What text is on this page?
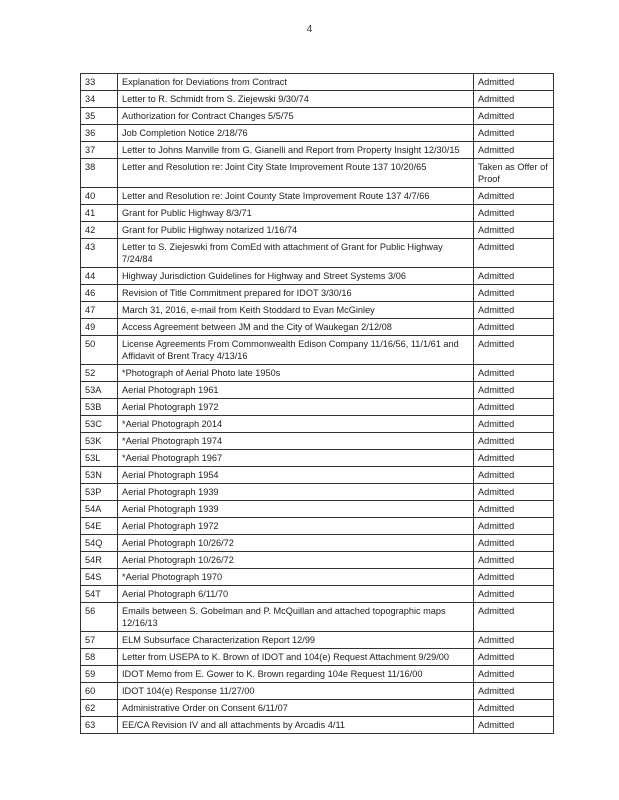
4
33	Explanation for Deviations from Contract	Admitted
34	Letter to R. Schmidt from S. Ziejewski 9/30/74	Admitted
35	Authorization for Contract Changes 5/5/75	Admitted
36	Job Completion Notice 2/18/76	Admitted
37	Letter to Johns Manville from G. Gianelli and Report from Property Insight 12/30/15	Admitted
38	Letter and Resolution re: Joint City State Improvement Route 137 10/20/65	Taken as Offer of Proof
40	Letter and Resolution re: Joint County State Improvement Route 137 4/7/66	Admitted
41	Grant for Public Highway 8/3/71	Admitted
42	Grant for Public Highway notarized 1/16/74	Admitted
43	Letter to S. Ziejeswki from ComEd with attachment of Grant for Public Highway 7/24/84	Admitted
44	Highway Jurisdiction Guidelines for Highway and Street Systems 3/06	Admitted
46	Revision of Title Commitment prepared for IDOT 3/30/16	Admitted
47	March 31, 2016, e-mail from Keith Stoddard to Evan McGinley	Admitted
49	Access Agreement between JM and the City of Waukegan 2/12/08	Admitted
50	License Agreements From Commonwealth Edison Company 11/16/56, 11/1/61 and Affidavit of Brent Tracy 4/13/16	Admitted
52	*Photograph of Aerial Photo late 1950s	Admitted
53A	Aerial Photograph 1961	Admitted
53B	Aerial Photograph 1972	Admitted
53C	*Aerial Photograph 2014	Admitted
53K	*Aerial Photograph 1974	Admitted
53L	*Aerial Photograph 1967	Admitted
53N	Aerial Photograph 1954	Admitted
53P	Aerial Photograph 1939	Admitted
54A	Aerial Photograph 1939	Admitted
54E	Aerial Photograph 1972	Admitted
54Q	Aerial Photograph 10/26/72	Admitted
54R	Aerial Photograph 10/26/72	Admitted
54S	*Aerial Photograph 1970	Admitted
54T	Aerial Photograph 6/11/70	Admitted
56	Emails between S. Gobelman and P. McQuillan and attached topographic maps 12/16/13	Admitted
57	ELM Subsurface Characterization Report 12/99	Admitted
58	Letter from USEPA to K. Brown of IDOT and 104(e) Request Attachment 9/29/00	Admitted
59	IDOT Memo from E. Gower to K. Brown regarding 104e Request 11/16/00	Admitted
60	IDOT 104(e) Response 11/27/00	Admitted
62	Administrative Order on Consent 6/11/07	Admitted
63	EE/CA Revision IV and all attachments by Arcadis 4/11	Admitted
